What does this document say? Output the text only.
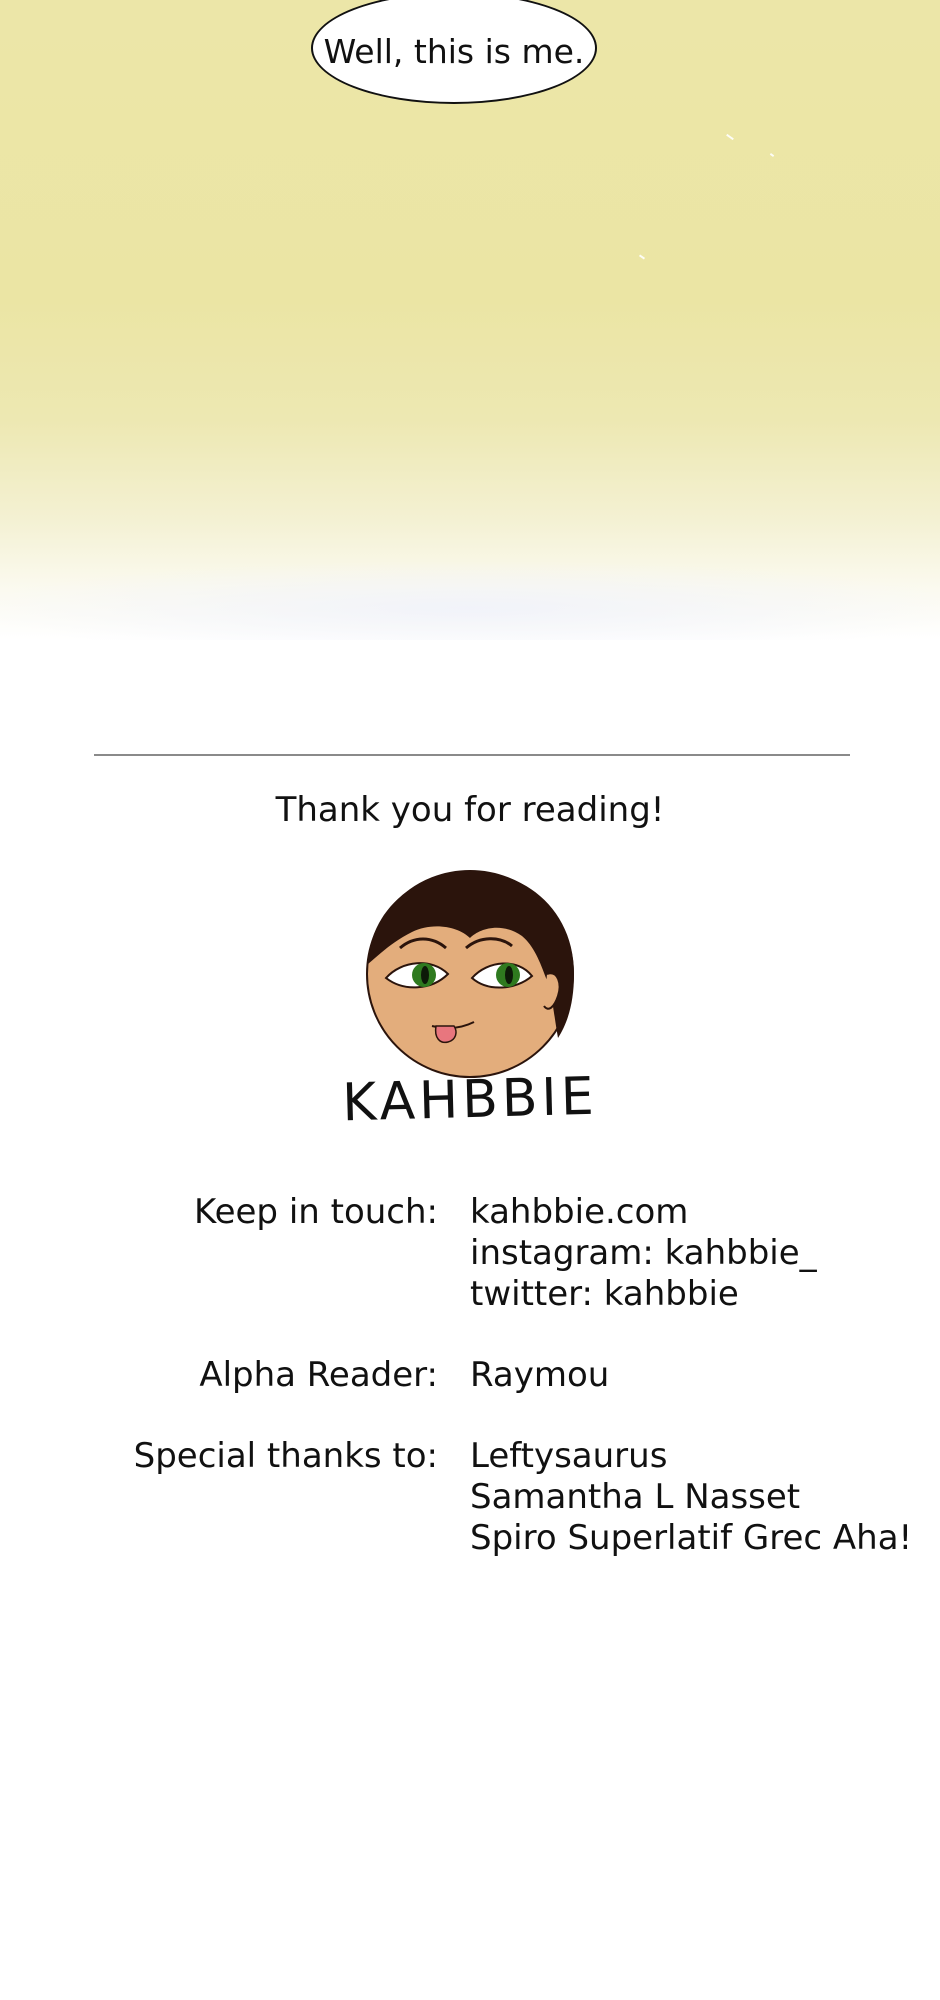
Well, this is me.
Thank you for reading!
KAHBBIE
Keep in touch: kahbbie.com
instagram: kahbbie_
twitter: kahbbie
Alpha Reader: Raymou
Special thanks to: Leftysaurus
Samantha L Nasset
Spiro Superlatif Grec Aha!
